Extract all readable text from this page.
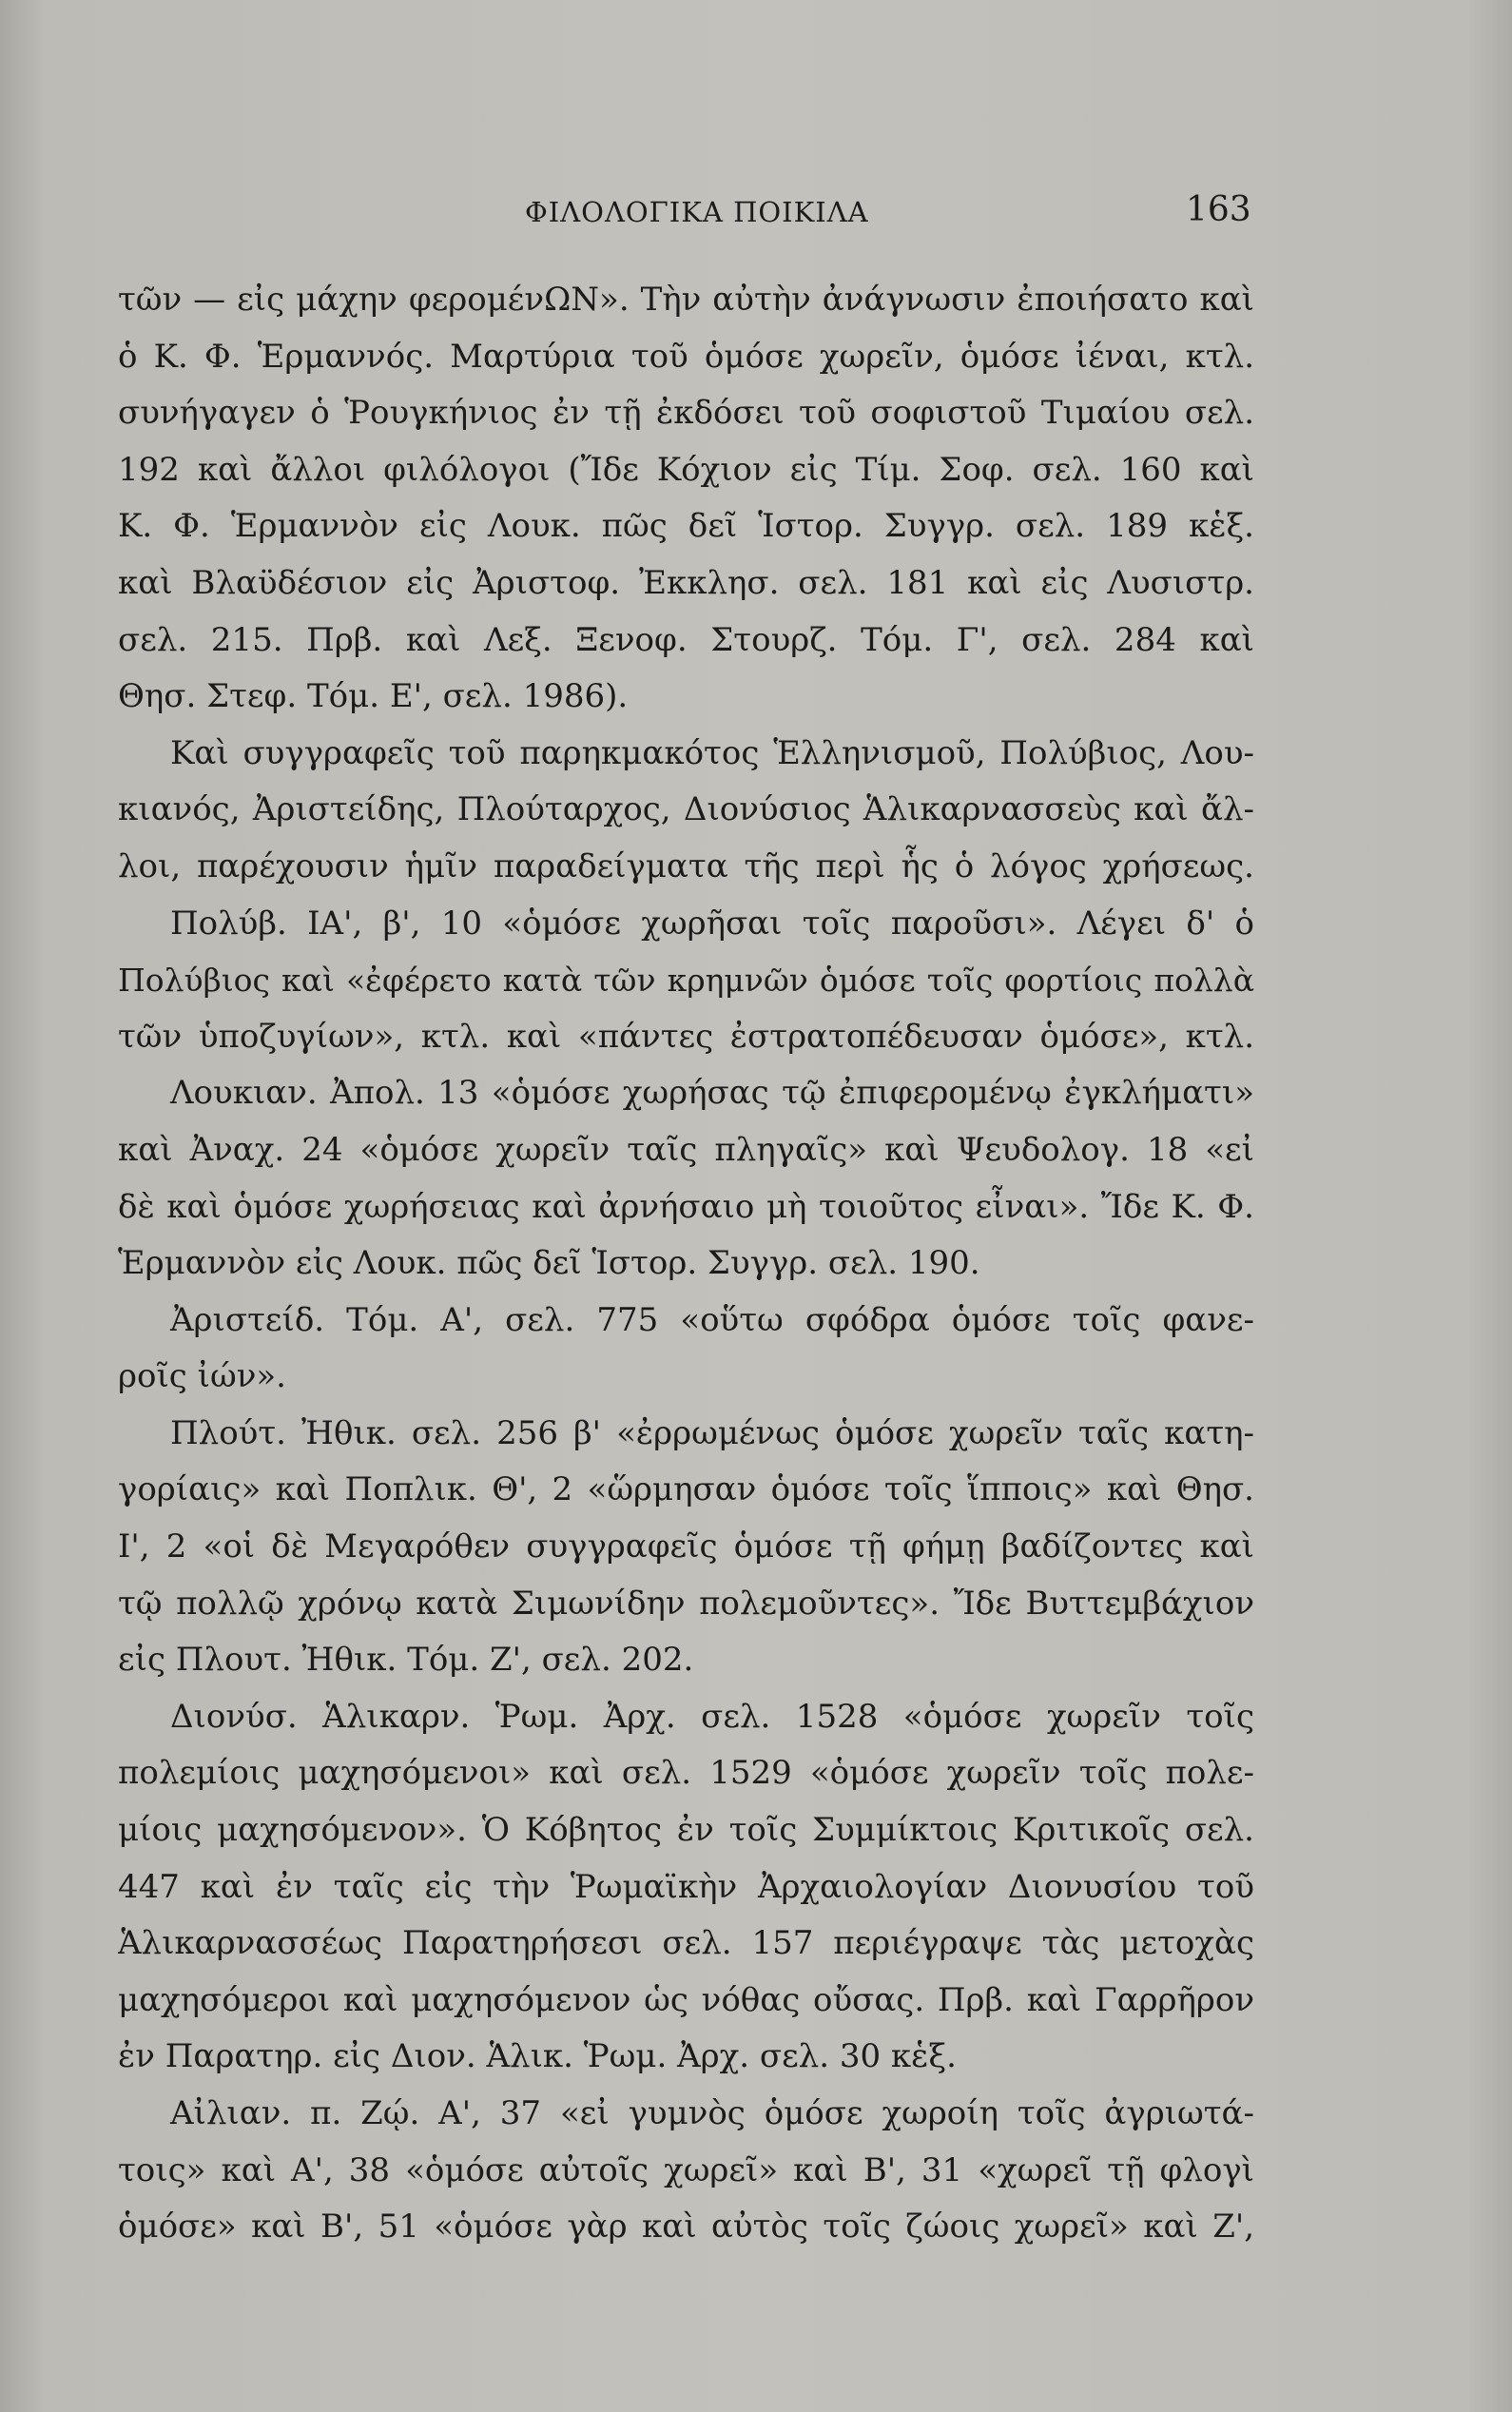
ΦΙΛΟΛΟΓΙΚΑ ΠΟΙΚΙΛΑ	163
τῶν — εἰς μάχην φερομένΩΝ». Τὴν αὐτὴν ἀνάγνωσιν ἐποιήσατο καὶ
ὁ Κ. Φ. Ἑρμαννός. Μαρτύρια τοῦ ὁμόσε χωρεῖν, ὁμόσε ἰέναι, κτλ.
συνήγαγεν ὁ Ῥουγκήνιος ἐν τῇ ἐκδόσει τοῦ σοφιστοῦ Τιμαίου σελ.
192 καὶ ἄλλοι φιλόλογοι (Ἴδε Κόχιον εἰς Τίμ. Σοφ. σελ. 160 καὶ
Κ. Φ. Ἑρμαννὸν εἰς Λουκ. πῶς δεῖ Ἱστορ. Συγγρ. σελ. 189 κἑξ.
καὶ Βλαϋδέσιον εἰς Ἀριστοφ. Ἐκκλησ. σελ. 181 καὶ εἰς Λυσιστρ.
σελ. 215. Πρβ. καὶ Λεξ. Ξενοφ. Στουρζ. Τόμ. Γ', σελ. 284 καὶ
Θησ. Στεφ. Τόμ. Ε', σελ. 1986).
Καὶ συγγραφεῖς τοῦ παρηκμακότος Ἑλληνισμοῦ, Πολύβιος, Λου-
κιανός, Ἀριστείδης, Πλούταρχος, Διονύσιος Ἁλικαρνασσεὺς καὶ ἄλ-
λοι, παρέχουσιν ἡμῖν παραδείγματα τῆς περὶ ἧς ὁ λόγος χρήσεως.
Πολύβ. ΙΑ', β', 10 «ὁμόσε χωρῆσαι τοῖς παροῦσι». Λέγει δ' ὁ
Πολύβιος καὶ «ἐφέρετο κατὰ τῶν κρημνῶν ὁμόσε τοῖς φορτίοις πολλὰ
τῶν ὑποζυγίων», κτλ. καὶ «πάντες ἐστρατοπέδευσαν ὁμόσε», κτλ.
Λουκιαν. Ἀπολ. 13 «ὁμόσε χωρήσας τῷ ἐπιφερομένῳ ἐγκλήματι»
καὶ Ἀναχ. 24 «ὁμόσε χωρεῖν ταῖς πληγαῖς» καὶ Ψευδολογ. 18 «εἰ
δὲ καὶ ὁμόσε χωρήσειας καὶ ἀρνήσαιο μὴ τοιοῦτος εἶναι». Ἴδε Κ. Φ.
Ἑρμαννὸν εἰς Λουκ. πῶς δεῖ Ἱστορ. Συγγρ. σελ. 190.
Ἀριστείδ. Τόμ. Α', σελ. 775 «οὕτω σφόδρα ὁμόσε τοῖς φανε-
ροῖς ἰών».
Πλούτ. Ἠθικ. σελ. 256 β' «ἐρρωμένως ὁμόσε χωρεῖν ταῖς κατη-
γορίαις» καὶ Ποπλικ. Θ', 2 «ὥρμησαν ὁμόσε τοῖς ἵπποις» καὶ Θησ.
Ι', 2 «οἱ δὲ Μεγαρόθεν συγγραφεῖς ὁμόσε τῇ φήμῃ βαδίζοντες καὶ
τῷ πολλῷ χρόνῳ κατὰ Σιμωνίδην πολεμοῦντες». Ἴδε Βυττεμβάχιον
εἰς Πλουτ. Ἠθικ. Τόμ. Ζ', σελ. 202.
Διονύσ. Ἁλικαρν. Ῥωμ. Ἀρχ. σελ. 1528 «ὁμόσε χωρεῖν τοῖς
πολεμίοις μαχησόμενοι» καὶ σελ. 1529 «ὁμόσε χωρεῖν τοῖς πολε-
μίοις μαχησόμενον». Ὁ Κόβητος ἐν τοῖς Συμμίκτοις Κριτικοῖς σελ.
447 καὶ ἐν ταῖς εἰς τὴν Ῥωμαϊκὴν Ἀρχαιολογίαν Διονυσίου τοῦ
Ἁλικαρνασσέως Παρατηρήσεσι σελ. 157 περιέγραψε τὰς μετοχὰς
μαχησόμεροι καὶ μαχησόμενον ὡς νόθας οὔσας. Πρβ. καὶ Γαρρῆρον
ἐν Παρατηρ. εἰς Διον. Ἁλικ. Ῥωμ. Ἀρχ. σελ. 30 κἑξ.
Αἰλιαν. π. Ζῴ. Α', 37 «εἰ γυμνὸς ὁμόσε χωροίη τοῖς ἀγριωτά-
τοις» καὶ Α', 38 «ὁμόσε αὐτοῖς χωρεῖ» καὶ Β', 31 «χωρεῖ τῇ φλογὶ
ὁμόσε» καὶ Β', 51 «ὁμόσε γὰρ καὶ αὐτὸς τοῖς ζώοις χωρεῖ» καὶ Ζ',
